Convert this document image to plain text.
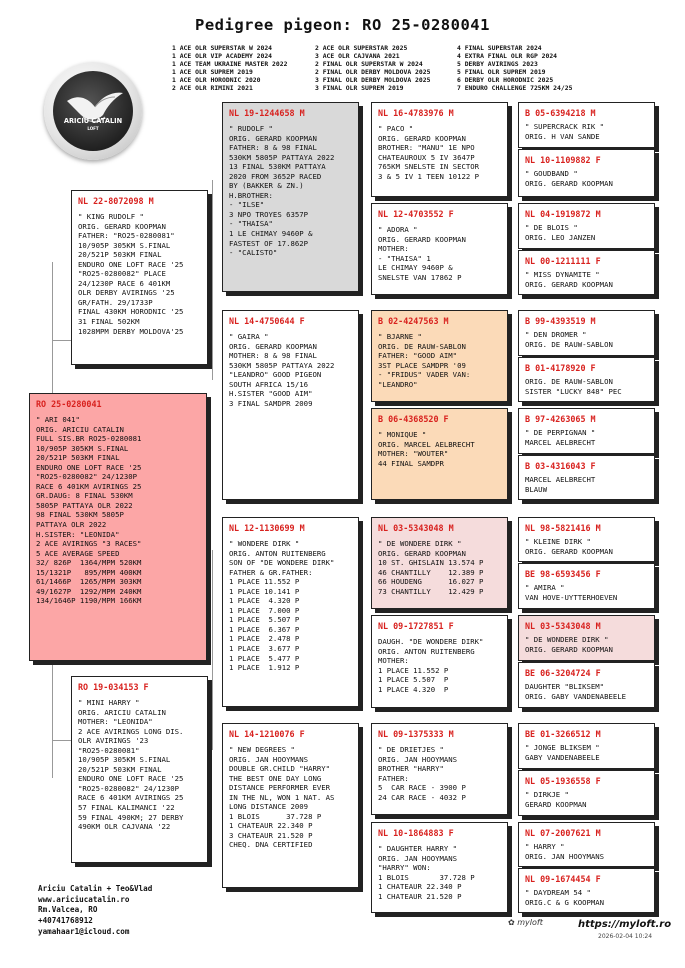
Pedigree pigeon: RO 25-0280041
1 ACE OLR SUPERSTAR W 2024
1 ACE OLR VIP ACADEMY 2024
1 ACE TEAM UKRAINE MASTER 2022
1 ACE OLR SUPREM 2019
1 ACE OLR HORODNIC 2020
2 ACE OLR RIMINI 2021
2 ACE OLR SUPERSTAR 2025
3 ACE OLR CAJVANA 2021
2 FINAL OLR SUPERSTAR W 2024
2 FINAL OLR DERBY MOLDOVA 2025
3 FINAL OLR DERBY MOLDOVA 2025
3 FINAL OLR SUPREM 2019
4 FINAL SUPERSTAR 2024
4 EXTRA FINAL OLR RGP 2024
5 DERBY AVIRINGS 2023
5 FINAL OLR SUPREM 2019
6 DERBY OLR HORODNIC 2025
7 ENDURO CHALLENGE 725KM 24/25
ARICIU CATALIN
LOFT
RO 25-0280041
" ARI 041"
ORIG. ARICIU CATALIN
FULL SIS.BR RO25-0280081
10/905P 305KM S.FINAL
20/521P 503KM FINAL
ENDURO ONE LOFT RACE '25
"RO25-0280082" 24/1230P
RACE 6 401KM AVIRINGS 25
GR.DAUG: 8 FINAL 530KM
5805P PATTAYA OLR 2022
98 FINAL 530KM 5805P
PATTAYA OLR 2022
H.SISTER: "LEONIDA"
2 ACE AVIRINGS "3 RACES"
5 ACE AVERAGE SPEED
32/ 826P  1364/MPM 520KM
15/1321P   895/MPM 400KM
61/1466P  1265/MPM 303KM
49/1627P  1292/MPM 240KM
134/1646P 1190/MPM 166KM
NL 22-8072098 M
" KING RUDOLF "
ORIG. GERARD KOOPMAN
FATHER: "RO25-0280081"
10/905P 305KM S.FINAL
20/521P 503KM FINAL
ENDURO ONE LOFT RACE '25
"RO25-0280082" PLACE
24/1230P RACE 6 401KM
OLR DERBY AVIRINGS '25
GR/FATH. 29/1733P
FINAL 430KM HORODNIC '25
31 FINAL 502KM
1028MPM DERBY MOLDOVA'25
RO 19-034153 F
" MINI HARRY "
ORIG. ARICIU CATALIN
MOTHER: "LEONIDA"
2 ACE AVIRINGS LONG DIS.
OLR AVIRINGS '23
"RO25-0280081"
10/905P 305KM S.FINAL
20/521P 503KM FINAL
ENDURO ONE LOFT RACE '25
"RO25-0280082" 24/1230P
RACE 6 401KM AVIRINGS 25
57 FINAL KALIMANCI '22
59 FINAL 490KM; 27 DERBY
490KM OLR CAJVANA '22
NL 19-1244658 M
" RUDOLF "
ORIG. GERARD KOOPMAN
FATHER: 8 & 98 FINAL
530KM 5805P PATTAYA 2022
13 FINAL 530KM PATTAYA
2020 FROM 3652P RACED
BY (BAKKER & ZN.)
H.BROTHER:
- "ILSE"
3 NPO TROYES 6357P
- "THAISA"
1 LE CHIMAY 9460P &
FASTEST OF 17.862P
- "CALISTO"
NL 14-4750644 F
" GAIRA "
ORIG. GERARD KOOPMAN
MOTHER: 8 & 98 FINAL
530KM 5805P PATTAYA 2022
"LEANDRO" GOOD PIGEON
SOUTH AFRICA 15/16
H.SISTER "GOOD AIM"
3 FINAL SAMDPR 2009
NL 12-1130699 M
" WONDERE DIRK "
ORIG. ANTON RUITENBERG
SON OF "DE WONDERE DIRK"
FATHER & GR.FATHER:
1 PLACE 11.552 P
1 PLACE 10.141 P
1 PLACE  4.320 P
1 PLACE  7.000 P
1 PLACE  5.507 P
1 PLACE  6.367 P
1 PLACE  2.478 P
1 PLACE  3.677 P
1 PLACE  5.477 P
1 PLACE  1.912 P
NL 14-1210076 F
" NEW DEGREES "
ORIG. JAN HOOYMANS
DOUBLE GR.CHILD "HARRY"
THE BEST ONE DAY LONG
DISTANCE PERFORMER EVER
IN THE NL, WON 1 NAT. AS
LONG DISTANCE 2009
1 BLOIS      37.728 P
1 CHATEAUR 22.340 P
3 CHATEAUR 21.520 P
CHEQ. DNA CERTIFIED
NL 16-4783976 M
" PACO "
ORIG. GERARD KOOPMAN
BROTHER: "MANU" 1E NPO
CHATEAUROUX 5 IV 3647P
765KM SNELSTE IN SECTOR
3 & 5 IV 1 TEEN 10122 P
NL 12-4703552 F
" ADORA "
ORIG. GERARD KOOPMAN
MOTHER:
- "THAISA" 1
LE CHIMAY 9460P &
SNELSTE VAN 17862 P
B 02-4247563 M
" BJARNE "
ORIG. DE RAUW-SABLON
FATHER: "GOOD AIM"
3ST PLACE SAMDPR '09
- "FRIDUS" VADER VAN:
"LEANDRO"
B 06-4368520 F
" MONIQUE "
ORIG. MARCEL AELBRECHT
MOTHER: "WOUTER"
44 FINAL SAMDPR
NL 03-5343048 M
" DE WONDERE DIRK "
ORIG. GERARD KOOPMAN
10 ST. GHISLAIN 13.574 P
46 CHANTILLY    12.389 P
66 HOUDENG      16.027 P
73 CHANTILLY    12.429 P
NL 09-1727851 F
DAUGH. "DE WONDERE DIRK"
ORIG. ANTON RUITENBERG
MOTHER:
1 PLACE 11.552 P
1 PLACE 5.507  P
1 PLACE 4.320  P
NL 09-1375333 M
" DE DRIETJES "
ORIG. JAN HOOYMANS
BROTHER "HARRY"
FATHER:
5  CAR RACE - 3900 P
24 CAR RACE - 4032 P
NL 10-1864883 F
" DAUGHTER HARRY "
ORIG. JAN HOOYMANS
"HARRY" WON:
1 BLOIS       37.728 P
1 CHATEAUR 22.340 P
1 CHATEAUR 21.520 P
B 05-6394218 M
" SUPERCRACK RIK "
ORIG. H VAN SANDE
NL 10-1109882 F
" GOUDBAND "
ORIG. GERARD KOOPMAN
NL 04-1919872 M
" DE BLOIS "
ORIG. LEO JANZEN
NL 00-1211111 F
" MISS DYNAMITE "
ORIG. GERARD KOOPMAN
B 99-4393519 M
" DEN DROMER "
ORIG. DE RAUW-SABLON
B 01-4178920 F
ORIG. DE RAUW-SABLON
SISTER "LUCKY 848" PEC
B 97-4263065 M
" DE PERPIGNAN "
MARCEL AELBRECHT
B 03-4316043 F
MARCEL AELBRECHT
BLAUW
NL 98-5821416 M
" KLEINE DIRK "
ORIG. GERARD KOOPMAN
BE 98-6593456 F
" AMIRA "
VAN HOVE-UYTTERHOEVEN
NL 03-5343048 M
" DE WONDERE DIRK "
ORIG. GERARD KOOPMAN
BE 06-3204724 F
DAUGHTER "BLIKSEM"
ORIG. GABY VANDENABEELE
BE 01-3266512 M
" JONGE BLIKSEM "
GABY VANDENABEELE
NL 05-1936558 F
" DIRKJE "
GERARD KOOPMAN
NL 07-2007621 M
" HARRY "
ORIG. JAN HOOYMANS
NL 09-1674454 F
" DAYDREAM 54 "
ORIG.C & G KOOPMAN
Ariciu Catalin + Teo&Vlad
www.ariciucatalin.ro
Rm.Valcea, RO
+40741768912
yamahaar1@icloud.com
✿ myloft	https://myloft.ro
2026-02-04 10:24
